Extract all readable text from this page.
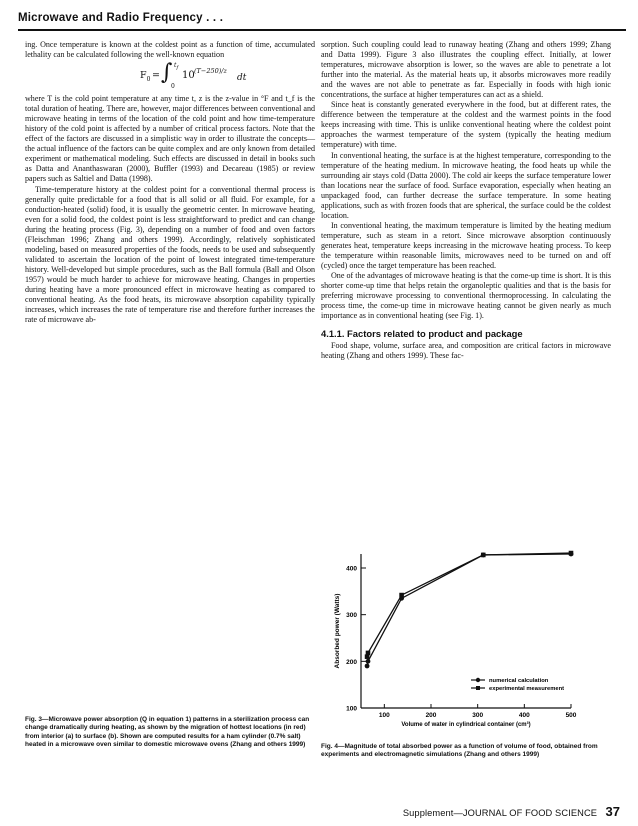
Microwave and Radio Frequency . . .

ing. Once temperature is known at the coldest point as a function of time, accumulated lethality can be calculated following the well-known equation

$F_0$ = ∫ $t_f$
0
10 (T−250)/z
dt

where T is the cold point temperature at any time t, z is the z-value in °F and t_f is the total duration of heating. There are, however, major differences between conventional and microwave heating in terms of the location of the cold point and how time-temperature history of the cold point is affected by a number of critical process factors. Note that the effect of the factors are discussed in a simplistic way in order to illustrate the concepts—the actual influence of the factors can be quite complex and are only known from detailed experiment or mathematical modeling. Such effects are discussed in detail in books such as Datta and Ananthaswaran (2000), Buffler (1993) and Decareau (1985) or review papers such as Saltiel and Datta (1998).

Time-temperature history at the coldest point for a conventional thermal process is generally quite predictable for a food that is all solid or all fluid. For example, for a conduction-heated (solid) food, it is usually the geometric center. In microwave heating, even for a solid food, the coldest point is less straightforward to predict and can change during the heating process (Fig. 3), depending on a number of food and oven factors (Fleischman 1996; Zhang and others 1999). Accordingly, relatively sophisticated modeling, based on measured properties of the foods, needs to be used and subsequently validated to ascertain the location of the point of lowest integrated time-temperature history. Well-developed but simple procedures, such as the Ball formula (Ball and Olson 1957) would be much harder to achieve for microwave heating. Changes in properties during heating have a more pronounced effect in microwave heating as compared to conventional heating. As the food heats, its microwave absorption capability typically increases, which increases the rate of temperature rise and therefore further increases the rate of microwave ab-

sorption. Such coupling could lead to runaway heating (Zhang and others 1999; Zhang and Datta 1999). Figure 3 also illustrates the coupling effect. Initially, at lower temperatures, microwave absorption is lower, so the waves are able to penetrate a lot further into the material. As the material heats up, it absorbs microwaves more readily and the waves are not able to penetrate as far. Especially in foods with high ionic concentrations, the surface at higher temperatures can act as a shield.

Since heat is constantly generated everywhere in the food, but at different rates, the difference between the temperature at the coldest and the warmest points in the food keeps increasing with time. This is unlike conventional heating where the coldest point approaches the warmest temperature of the system (typically the heating medium temperature) with time.

In conventional heating, the surface is at the highest temperature, corresponding to the temperature of the heating medium. In microwave heating, the food heats up while the surrounding air stays cold (Datta 2000). The cold air keeps the surface temperature lower than locations near the surface of food. Surface evaporation, especially when heating an unpackaged food, can further decrease the surface temperature. In some heating applications, such as with frozen foods that are spherical, the surface could be the coldest location.

In conventional heating, the maximum temperature is limited by the heating medium temperature, such as steam in a retort. Since microwave absorption continuously generates heat, temperature keeps increasing in the microwave heating process. To keep the temperature within reasonable limits, microwaves need to be turned on and off (cycled) once the target temperature has been reached.

One of the advantages of microwave heating is that the come-up time is short. It is this shorter come-up time that helps retain the organoleptic qualities and that is the basis for preferring microwave processing to conventional thermoprocessing. In calculating the process time, the come-up time in microwave heating cannot be given nearly as much importance as in conventional heating (see Fig. 1).

4.1.1. Factors related to product and package

Food shape, volume, surface area, and composition are critical factors in microwave heating (Zhang and others 1999). These fac-

100
200
300
400
100	200	300	400	500
Volume of water in cylindrical container (cm³)
Absorbed power (Watts)
numerical calculation
experimental measurement
Fig. 3—Microwave power absorption (Q in equation 1) patterns in a sterilization process can change dramatically during heating, as shown by the migration of hottest locations (in red) from interior (a) to surface (b). Shown are computed results for a ham cylinder (0.7% salt) heated in a microwave oven similar to domestic microwave ovens (Zhang and others 1999)	Fig. 4—Magnitude of total absorbed power as a function of volume of food, obtained from experiments and electromagnetic simulations (Zhang and others 1999)
Supplement—JOURNAL OF FOOD SCIENCE 37
